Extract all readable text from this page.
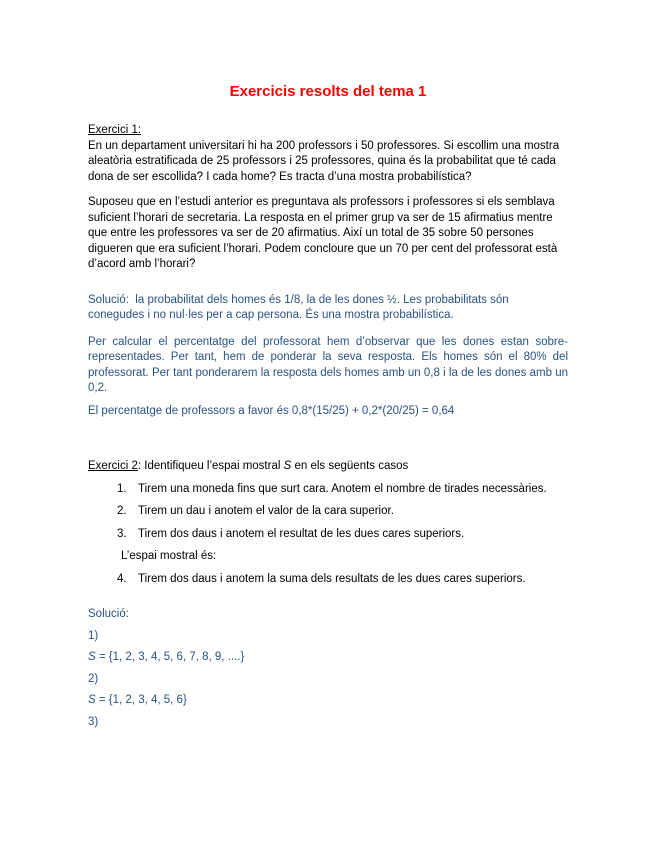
Exercicis resolts del tema 1
Exercici 1:

En un departament universitari hi ha 200 professors i 50 professores. Si escollim una mostra aleatòria estratificada de 25 professors i 25 professores, quina és la probabilitat que té cada dona de ser escollida? I cada home? Es tracta d’una mostra probabilística?

Suposeu que en l’estudi anterior es preguntava als professors i professores si els semblava suficient l’horari de secretaria. La resposta en el primer grup va ser de 15 afirmatius mentre que entre les professores va ser de 20 afirmatius. Així un total de 35 sobre 50 persones digueren que era suficient l’horari. Podem concloure que un 70 per cent del professorat està d’acord amb l’horari?

Solució:  la probabilitat dels homes és 1/8, la de les dones ½. Les probabilitats són conegudes i no nul·les per a cap persona. És una mostra probabilística.

Per calcular el percentatge del professorat hem d’observar que les dones estan sobre-representades. Per tant, hem de ponderar la seva resposta. Els homes són el 80% del professorat. Per tant ponderarem la resposta dels homes amb un 0,8 i la de les dones amb un 0,2.

El percentatge de professors a favor és 0,8*(15/25) + 0,2*(20/25) = 0,64

Exercici 2: Identifiqueu l’espai mostral S en els següents casos
1. Tirem una moneda fins que surt cara. Anotem el nombre de tirades necessàries.
2. Tirem un dau i anotem el valor de la cara superior.
3. Tirem dos daus i anotem el resultat de les dues cares superiors.
L’espai mostral és:
4. Tirem dos daus i anotem la suma dels resultats de les dues cares superiors.
Solució:
1)
S = {1, 2, 3, 4, 5, 6, 7, 8, 9, ....}
2)
S = {1, 2, 3, 4, 5, 6}
3)
